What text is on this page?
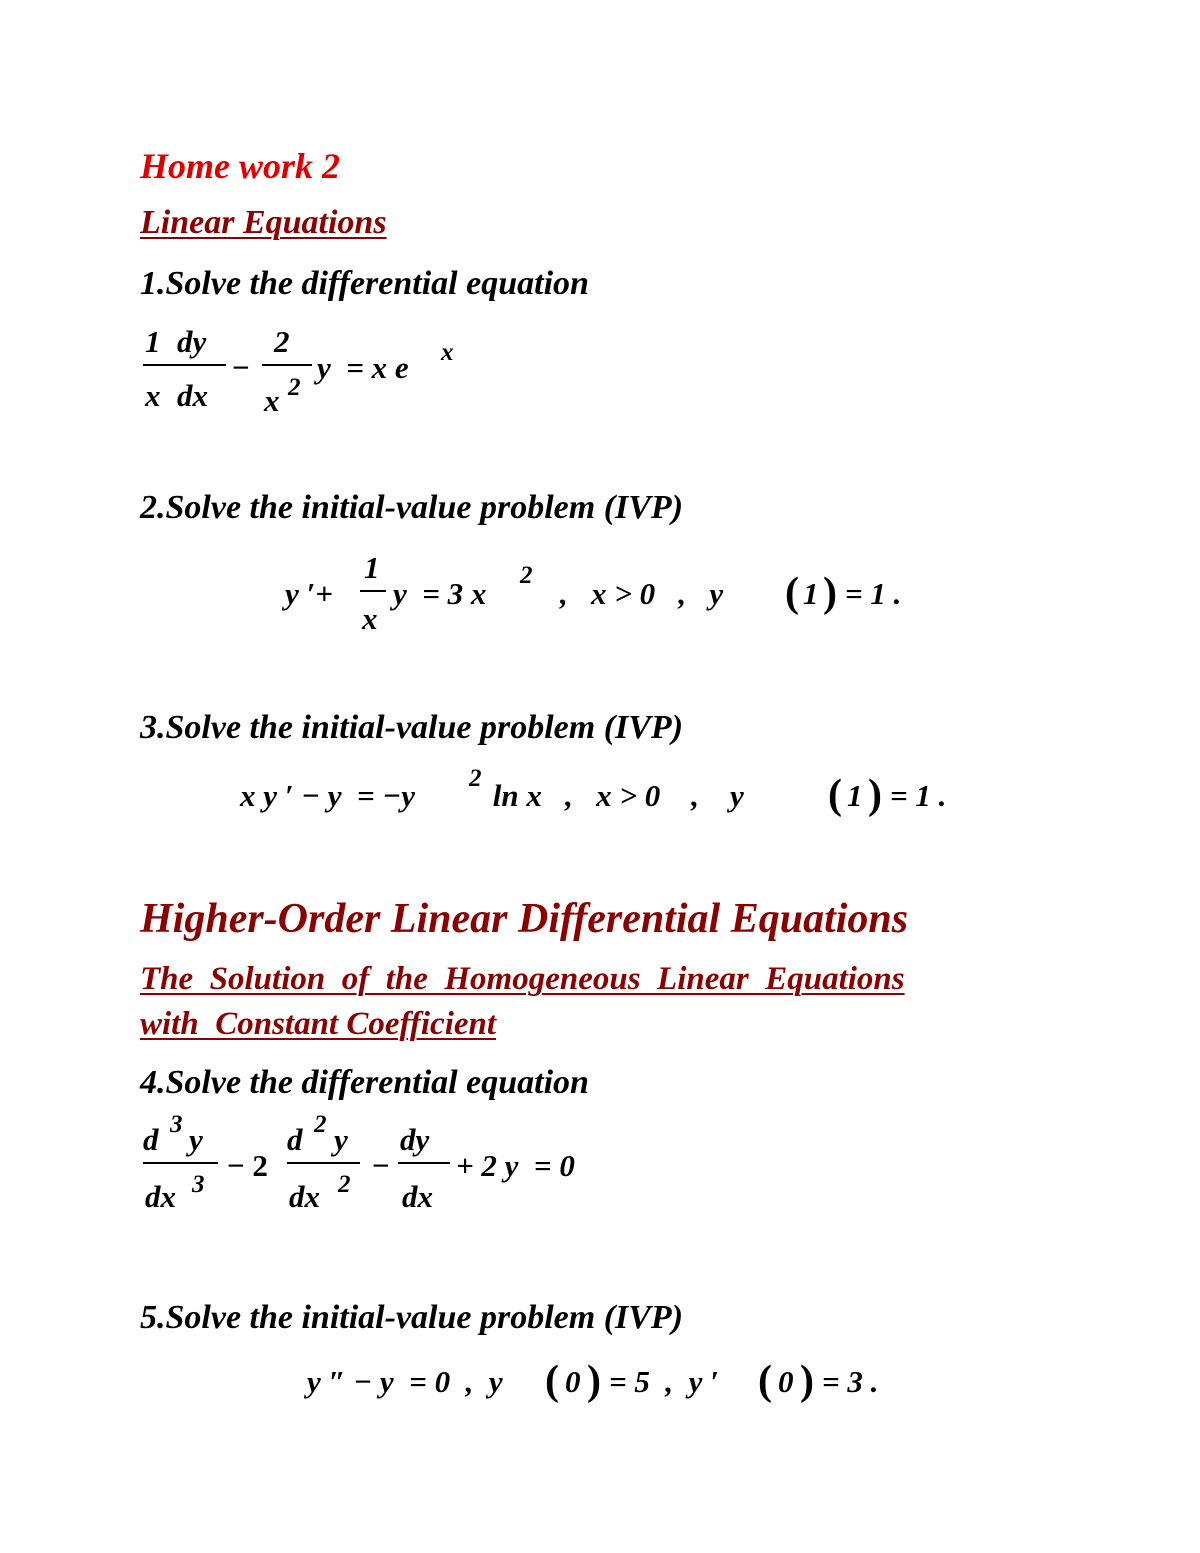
Home work 2
Linear Equations
1.Solve the differential equation
1 dy
x dx
−
2
x 2
y  = x e x
2.Solve the initial-value problem (IVP)
y ′+
1
x
y  = 3 x
2
,   x > 0   ,   y ( 1 ) = 1 .
3.Solve the initial-value problem (IVP)
x y ′ − y  = −y 2 ln x   ,   x > 0    ,    y ( 1 ) = 1 .
Higher-Order Linear Differential Equations
The  Solution  of  the  Homogeneous  Linear  Equations
with  Constant Coefficient
4.Solve the differential equation
d 3 y
dx 3
− 2
d 2 y
dx 2
−
dy
dx
+ 2 y  = 0
5.Solve the initial-value problem (IVP)
y ″ − y  = 0  ,  y ( 0 ) = 5  ,  y ′ ( 0 ) = 3 .
